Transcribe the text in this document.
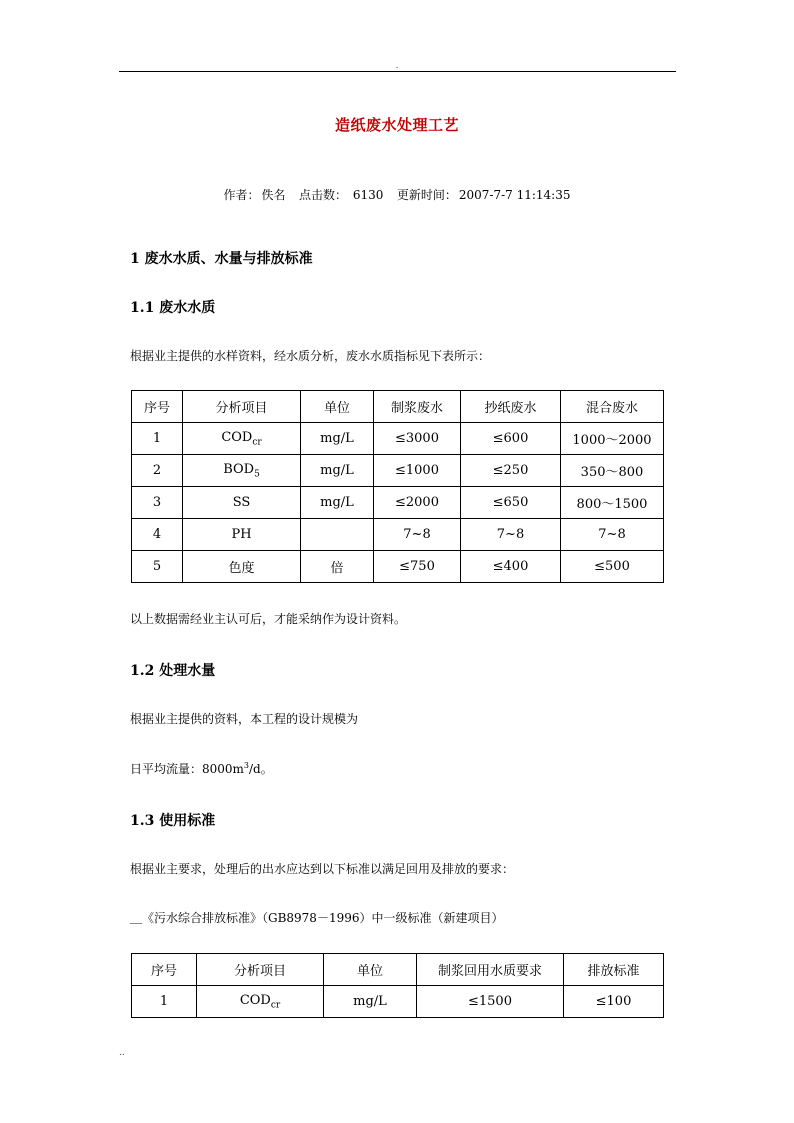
.
造纸废水处理工艺
作者： 佚名 点击数： 6130 更新时间： 2007-7-7 11:14:35
1 废水水质、水量与排放标准
1.1 废水水质
根据业主提供的水样资料，经水质分析，废水水质指标见下表所示：
序号	分析项目	单位	制浆废水	抄纸废水	混合废水
1	$COD_{cr}$	mg/L	≤3000	≤600	1000～2000
2	$BOD_5$	mg/L	≤1000	≤250	350～800
3	SS	mg/L	≤2000	≤650	800～1500
4	PH		7~8	7~8	7~8
5	色度	倍	≤750	≤400	≤500
以上数据需经业主认可后，才能采纳作为设计资料。
1.2 处理水量
根据业主提供的资料，本工程的设计规模为
日平均流量：$8000m^3/d$。
1.3 使用标准
根据业主要求，处理后的出水应达到以下标准以满足回用及排放的要求：
＿《污水综合排放标准》（GB8978－1996）中一级标准（新建项目）
序号	分析项目	单位	制浆回用水质要求	排放标准
1	$COD_{cr}$	mg/L	≤1500	≤100
..
